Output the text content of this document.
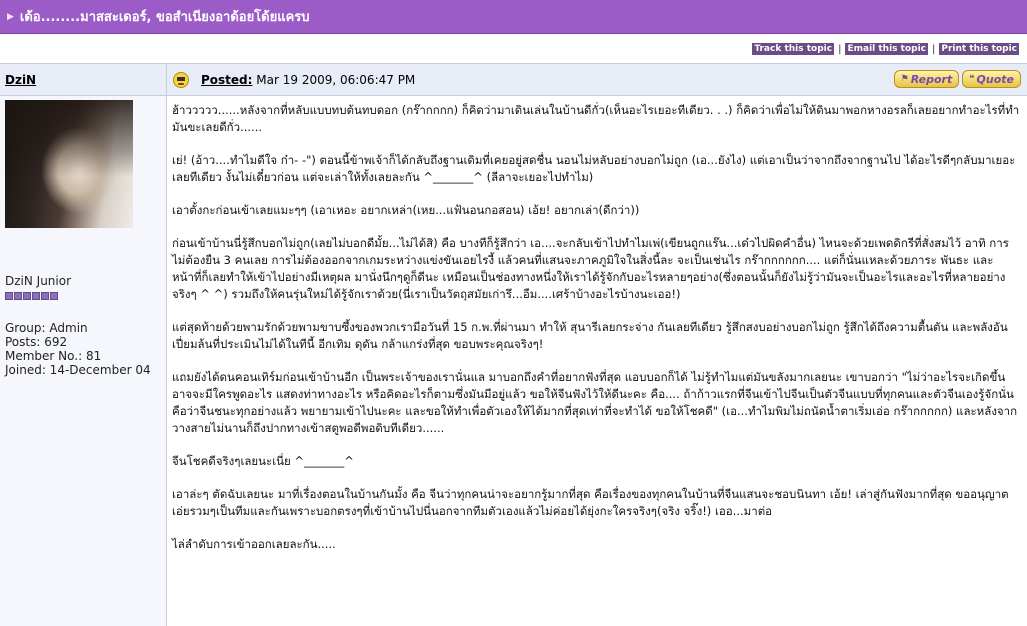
▶ เด้อ........มาสสะเดอร์, ขอสำเนียงอาด้อยโด้ยแครบ
Track this topic | Email this topic | Print this topic
DziN	Posted: Mar 19 2009, 06:06:47 PM	⚑ Report ❝ Quote
DziN Junior
Group: Admin
Posts: 692
Member No.: 81
Joined: 14-December 04

ฮ้าววววว......หลังจากที่หลับแบบทบต้นทบดอก (กร๊ากกกก) ก็คิดว่ามาเดินเล่นในบ้านดีกั่ว(เห็นอะไรเยอะทีเดียว. . .) ก็คิดว่าเพื่อไม่ให้ดินมาพอกหางอรลก็เลยอยากทำอะไรที่ทำมันขะเลยดีกั่ว......

เย่! (อ้าว....ทำไมดีใจ ก๋า- -") ตอนนี้ข้าพเจ้าก็ได้กลับถึงฐานเดิมที่เคยอยู่สดชื่น นอนไม่หลับอย่างบอกไม่ถูก (เอ...ยังไง) แต่เอาเป็นว่าจากถึงจากฐานไป ได้อะไรดีๆกลับมาเยอะเลยทีเดียว งั้นไม่เดี๋ยวก่อน แต่จะเล่าให้ทั้งเลยละกัน ^_______^ (ลีลาจะเยอะไปทำไม)

เอาตั้งกะก่อนเข้าเลยแมะๆๆ (เอาเหอะ อยากเหล่า(เหย...แฟ้นอนกอสอน) เอ้ย! อยากเล่า(ดีกว่า))

ก่อนเข้าบ้านนี่รู้สึกบอกไม่ถูก(เลยไม่บอกดีมั้ย...ไม่ได้สิ) คือ บางทีก็รู้สึกว่า เอ....จะกลับเข้าไปทำไมเพ่(เขียนถูกแร๊น...เด๋วไปผิดคำอื่น) ไหนจะด้วยเพดดิกรีที่สั่งสมไว้ อาทิ การไม่ต้องยืน 3 คนเลย การไม่ต้องออกจากเกมระหว่างแข่งขันเอยไรงี้ แล้วคนที่แสนจะภาคภูมิใจในสิ่งนี้ละ จะเป็นเช่นไร กร๊ากกกกกก.... แต่ก็นั่นแหละด้วยภาระ พันธะ และหน้าที่ก็เลยทำให้เข้าไปอย่างมีเหตุผล มานั่งนึกๆดูก็ดีนะ เหมือนเป็นช่องทางหนึ่งให้เราได้รู้จักกับอะไรหลายๆอย่าง(ซึ่งตอนนั้นก็ยังไม่รู้ว่ามันจะเป็นอะไรและอะไรที่หลายอย่างจริงๆ ^ ^) รวมถึงให้คนรุ่นใหม่ได้รู้จักเราด้วย(นี่เราเป็นวัตถุสมัยเก่ารึ...อืม....เศร้าบ้างอะไรบ้างนะเออ!)

แต่สุดท้ายด้วยพามรักด้วยพามขาบซึ้งของพวกเรามีอวันที่ 15 ก.พ.ที่ผ่านมา ทำให้ สุนารีเลยกระจ่าง กันเลยทีเดียว รู้สึกสงบอย่างบอกไม่ถูก รู้สึกได้ถึงความตื้นตัน และพลังอันเปี่ยมล้นที่ประเมินไม่ได้ในทีนี้ อีกเทิม ดุดัน กล้าแกร่งที่สุด ขอบพระคุณจริงๆ!

แถมยังได้ดนคอนเทิร์มก่อนเข้าบ้านอีก เป็นพระเจ้าของเรานั่นแล มาบอกถึงคำที่อยากฟังที่สุด แอบบอกก็ได้ ไม่รู้ทำไมแต่มันขลังมากเลยนะ เขาบอกว่า "ไม่ว่าอะไรจะเกิดขึ้น อาจจะมีใครพูดอะไร แสดงท่าทางอะไร หรือคิดอะไรก็ตามซึ่งมันมีอยู่แล้ว ขอให้จีนฟังไว้ให้ดีนะคะ คือ.... ถ้าก้าวแรกที่จีนเข้าไปจีนเป็นตัวจีนแบบที่ทุกคนและตัวจีนเองรู้จักนั่นคือว่าจีนชนะทุกอย่างแล้ว พยายามเข้าไปนะคะ และขอให้ทำเพื่อตัวเองให้ได้มากที่สุดเท่าที่จะทำได้ ขอให้โชคดี" (เอ...ทำไมพิมไม่ถนัดน้ำตาเริ่มเอ่อ กร๊ากกกกก) และหลังจากวางสายไม่นานก็ถึงปากทางเข้าสตูพอดีพอดิบทีเดียว......

จีนโชคดีจริงๆเลยนะเนี่ย ^_______^

เอาล่ะๆ ตัดฉับเลยนะ มาที่เรื่องตอนในบ้านกันมั้ง คือ จีนว่าทุกคนน่าจะอยากรู้มากที่สุด คือเรื่องของทุกคนในบ้านที่จีนแสนจะชอบนินทา เอ้ย! เล่าสู่กันฟังมากที่สุด ขออนุญาตเอ่ยรวมๆเป็นทีมและกันเพราะบอกตรงๆที่เข้าบ้านไปนี่นอกจากทีมตัวเองแล้วไม่ค่อยได้ยุ่งกะใครจริงๆ(จริง จริ๊ง!) เออ...มาต่อ

ไล่ลำดับการเข้าออกเลยละกัน.....
